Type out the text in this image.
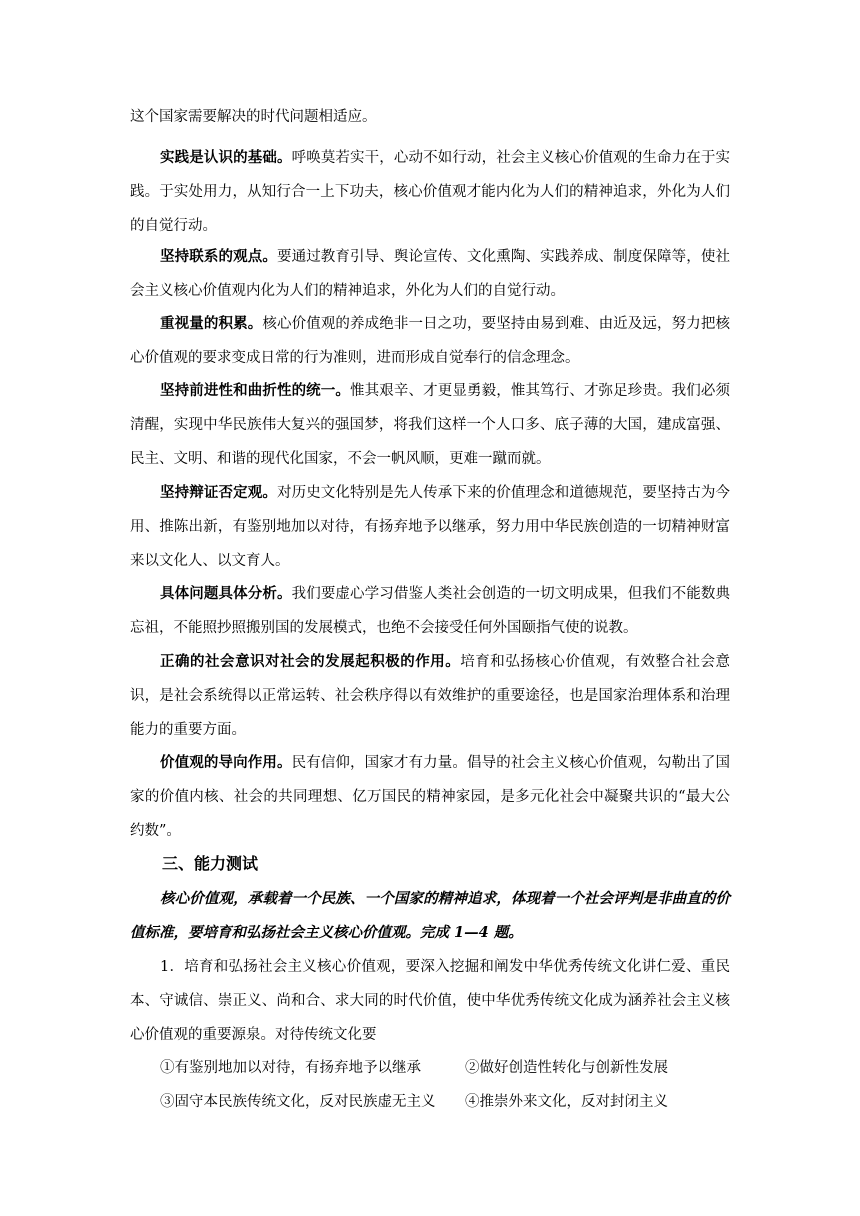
这个国家需要解决的时代问题相适应。

实践是认识的基础。呼唤莫若实干，心动不如行动，社会主义核心价值观的生命力在于实践。于实处用力，从知行合一上下功夫，核心价值观才能内化为人们的精神追求，外化为人们的自觉行动。

坚持联系的观点。要通过教育引导、舆论宣传、文化熏陶、实践养成、制度保障等，使社会主义核心价值观内化为人们的精神追求，外化为人们的自觉行动。

重视量的积累。核心价值观的养成绝非一日之功，要坚持由易到难、由近及远，努力把核心价值观的要求变成日常的行为准则，进而形成自觉奉行的信念理念。

坚持前进性和曲折性的统一。惟其艰辛、才更显勇毅，惟其笃行、才弥足珍贵。我们必须清醒，实现中华民族伟大复兴的强国梦，将我们这样一个人口多、底子薄的大国，建成富强、民主、文明、和谐的现代化国家，不会一帆风顺，更难一蹴而就。

坚持辩证否定观。对历史文化特别是先人传承下来的价值理念和道德规范，要坚持古为今用、推陈出新，有鉴别地加以对待，有扬弃地予以继承，努力用中华民族创造的一切精神财富来以文化人、以文育人。

具体问题具体分析。我们要虚心学习借鉴人类社会创造的一切文明成果，但我们不能数典忘祖，不能照抄照搬别国的发展模式，也绝不会接受任何外国颐指气使的说教。

正确的社会意识对社会的发展起积极的作用。培育和弘扬核心价值观，有效整合社会意识，是社会系统得以正常运转、社会秩序得以有效维护的重要途径，也是国家治理体系和治理能力的重要方面。

价值观的导向作用。民有信仰，国家才有力量。倡导的社会主义核心价值观，勾勒出了国家的价值内核、社会的共同理想、亿万国民的精神家园，是多元化社会中凝聚共识的“最大公约数”。

三、能力测试

核心价值观，承载着一个民族、一个国家的精神追求，体现着一个社会评判是非曲直的价值标准，要培育和弘扬社会主义核心价值观。完成 1—4 题。

1．培育和弘扬社会主义核心价值观，要深入挖掘和阐发中华优秀传统文化讲仁爱、重民本、守诚信、崇正义、尚和合、求大同的时代价值，使中华优秀传统文化成为涵养社会主义核心价值观的重要源泉。对待传统文化要

①有鉴别地加以对待，有扬弃地予以继承	②做好创造性转化与创新性发展
③固守本民族传统文化，反对民族虚无主义 ④推崇外来文化，反对封闭主义
